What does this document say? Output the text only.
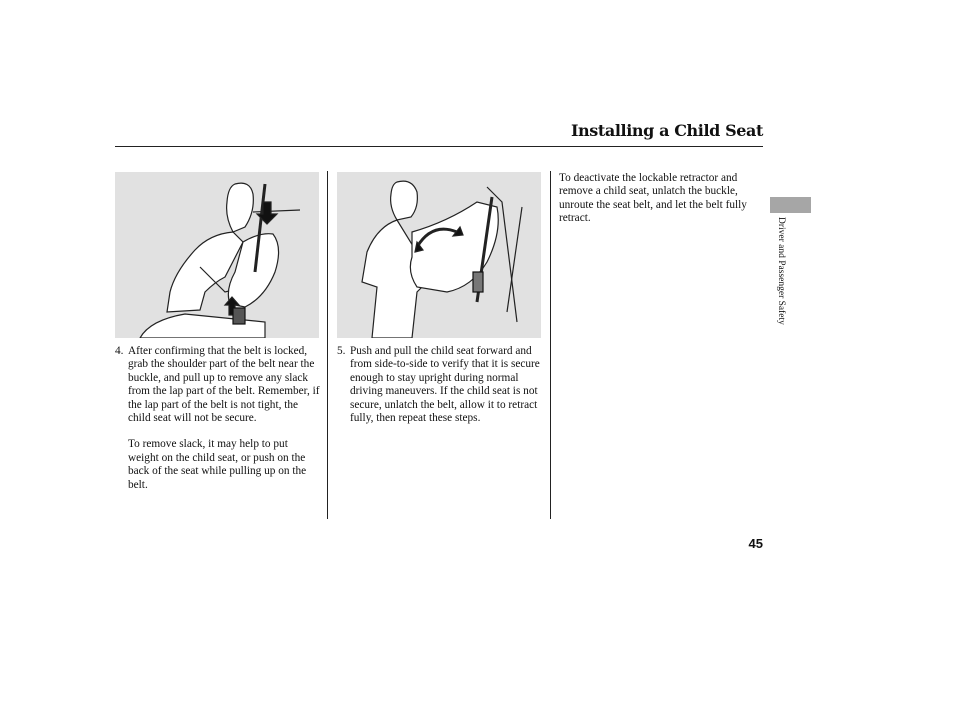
Installing a Child Seat
4. After confirming that the belt is locked, grab the shoulder part of the belt near the buckle, and pull up to remove any slack from the lap part of the belt. Remember, if the lap part of the belt is not tight, the child seat will not be secure.

To remove slack, it may help to put weight on the child seat, or push on the back of the seat while pulling up on the belt.

5. Push and pull the child seat forward and from side-to-side to verify that it is secure enough to stay upright during normal driving maneuvers. If the child seat is not secure, unlatch the belt, allow it to retract fully, then repeat these steps.

To deactivate the lockable retractor and remove a child seat, unlatch the buckle, unroute the seat belt, and let the belt fully retract.	Driver and Passenger Safety
45
